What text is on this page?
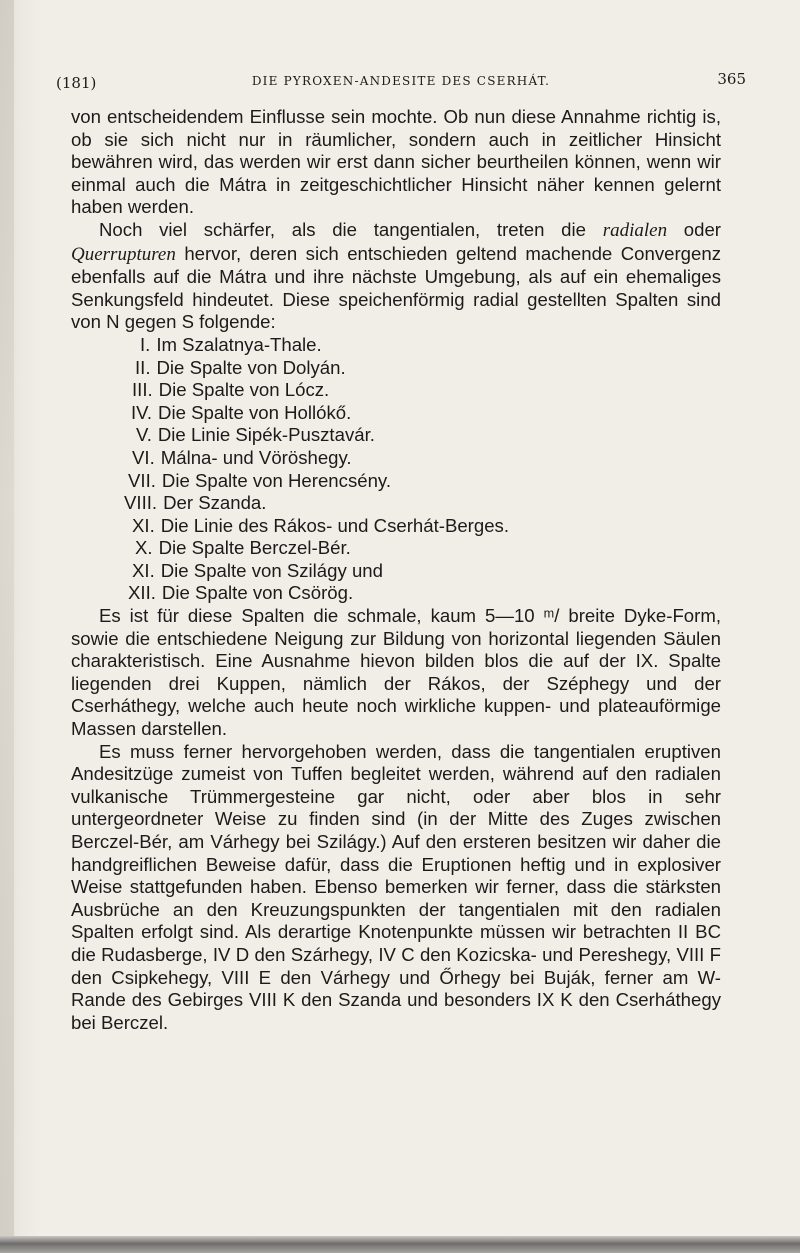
(181)	DIE PYROXEN-ANDESITE DES CSERHÁT.	365

von entscheidendem Einflusse sein mochte. Ob nun diese Annahme richtig is, ob sie sich nicht nur in räumlicher, sondern auch in zeitlicher Hinsicht bewähren wird, das werden wir erst dann sicher beurtheilen können, wenn wir einmal auch die Mátra in zeitgeschichtlicher Hinsicht näher kennen gelernt haben werden.

Noch viel schärfer, als die tangentialen, treten die radialen oder Querrupturen hervor, deren sich entschieden geltend machende Convergenz ebenfalls auf die Mátra und ihre nächste Umgebung, als auf ein ehemaliges Senkungsfeld hindeutet. Diese speichenförmig radial gestellten Spalten sind von N gegen S folgende:

I. Im Szalatnya-Thale.
II. Die Spalte von Dolyán.
III. Die Spalte von Lócz.
IV. Die Spalte von Hollókő.
V. Die Linie Sipék-Pusztavár.
VI. Málna- und Vöröshegy.
VII. Die Spalte von Herencsény.
VIII. Der Szanda.
XI. Die Linie des Rákos- und Cserhát-Berges.
X. Die Spalte Berczel-Bér.
XI. Die Spalte von Szilágy und
XII. Die Spalte von Csörög.

Es ist für diese Spalten die schmale, kaum 5—10 ᵐ/ breite Dyke-Form, sowie die entschiedene Neigung zur Bildung von horizontal liegenden Säulen charakteristisch. Eine Ausnahme hievon bilden blos die auf der IX. Spalte liegenden drei Kuppen, nämlich der Rákos, der Széphegy und der Cserháthegy, welche auch heute noch wirkliche kuppen- und plateauförmige Massen darstellen.

Es muss ferner hervorgehoben werden, dass die tangentialen eruptiven Andesitzüge zumeist von Tuffen begleitet werden, während auf den radialen vulkanische Trümmergesteine gar nicht, oder aber blos in sehr untergeordneter Weise zu finden sind (in der Mitte des Zuges zwischen Berczel-Bér, am Várhegy bei Szilágy.) Auf den ersteren besitzen wir daher die handgreiflichen Beweise dafür, dass die Eruptionen heftig und in explosiver Weise stattgefunden haben. Ebenso bemerken wir ferner, dass die stärksten Ausbrüche an den Kreuzungspunkten der tangentialen mit den radialen Spalten erfolgt sind. Als derartige Knotenpunkte müssen wir betrachten II BC die Rudasberge, IV D den Szárhegy, IV C den Kozicska- und Pereshegy, VIII F den Csipkehegy, VIII E den Várhegy und Őrhegy bei Buják, ferner am W-Rande des Gebirges VIII K den Szanda und besonders IX K den Cserháthegy bei Berczel.
